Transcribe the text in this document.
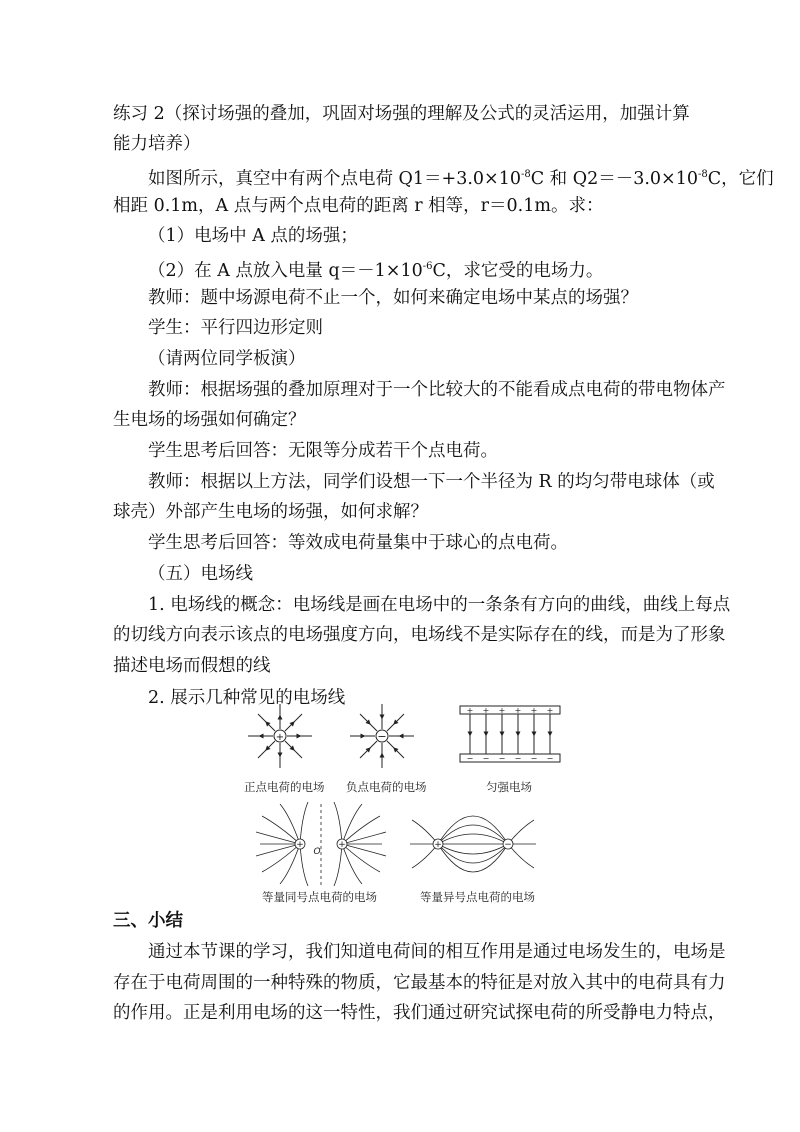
练习 2（探讨场强的叠加，巩固对场强的理解及公式的灵活运用，加强计算
能力培养）
如图所示，真空中有两个点电荷 $Q1=+3.0\times 10^{-8}C$ 和 $Q2=-3.0\times 10^{-8}C$，它们
相距 0.1m，A 点与两个点电荷的距离 r 相等，r＝0.1m。求：
（1）电场中 A 点的场强；
（2）在 A 点放入电量 $q=-1\times 10^{-6}C$，求它受的电场力。
教师：题中场源电荷不止一个，如何来确定电场中某点的场强？
学生：平行四边形定则
（请两位同学板演）
教师：根据场强的叠加原理对于一个比较大的不能看成点电荷的带电物体产
生电场的场强如何确定？
学生思考后回答：无限等分成若干个点电荷。
教师：根据以上方法，同学们设想一下一个半径为 R 的均匀带电球体（或
球壳）外部产生电场的场强，如何求解？
学生思考后回答：等效成电荷量集中于球心的点电荷。
（五）电场线
1. 电场线的概念：电场线是画在电场中的一条条有方向的曲线，曲线上每点
的切线方向表示该点的电场强度方向，电场线不是实际存在的线，而是为了形象
描述电场而假想的线
2. 展示几种常见的电场线
+	−
+ + + + + +
− − − − − −
+	+
O
+	−
正点电荷的电场 负点电荷的电场	匀强电场
等量同号点电荷的电场	等量异号点电荷的电场
三、小结
通过本节课的学习，我们知道电荷间的相互作用是通过电场发生的，电场是
存在于电荷周围的一种特殊的物质，它最基本的特征是对放入其中的电荷具有力
的作用。正是利用电场的这一特性，我们通过研究试探电荷的所受静电力特点，
